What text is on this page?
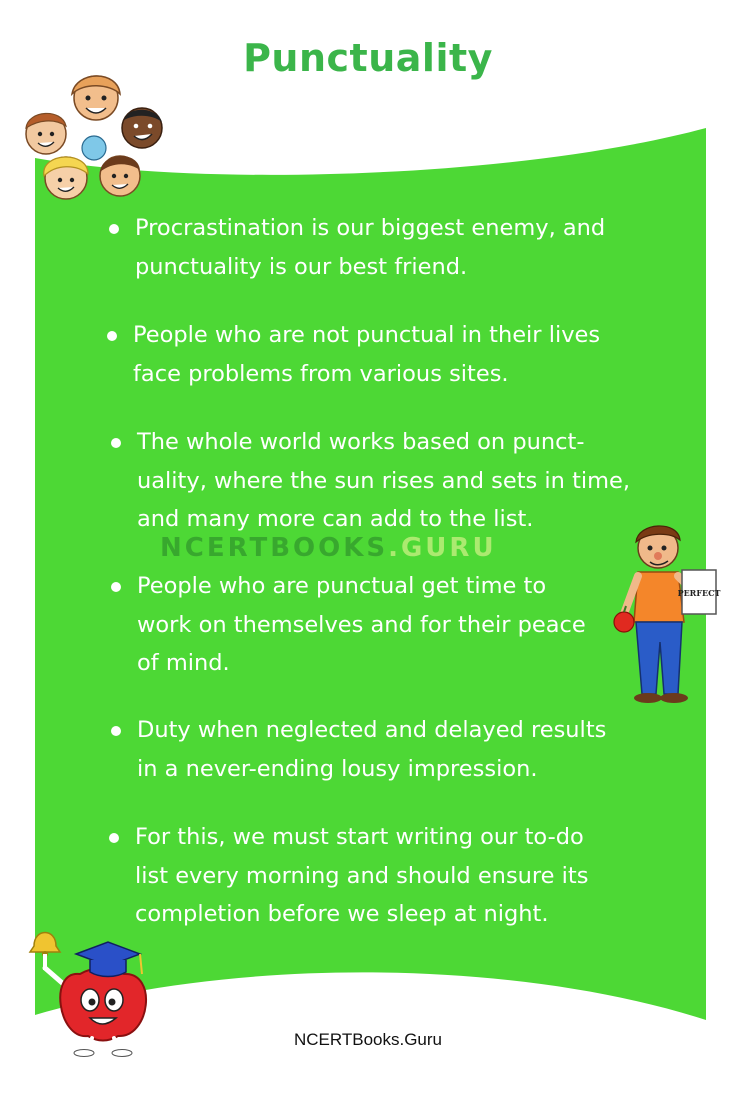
Punctuality
NCERTBOOKS.GURU
Procrastination is our biggest enemy, and
punctuality is our best friend.
People who are not punctual in their lives
face problems from various sites.
The whole world works based on punct-
uality, where the sun rises and sets in time,
and many more can add to the list.
People who are punctual get time to
work on themselves and for their peace
of mind.
Duty when neglected and delayed results
in a never-ending lousy impression.
For this, we must start writing our to-do
list every morning and should ensure its
completion before we sleep at night.
PERFECT
NCERTBooks.Guru
